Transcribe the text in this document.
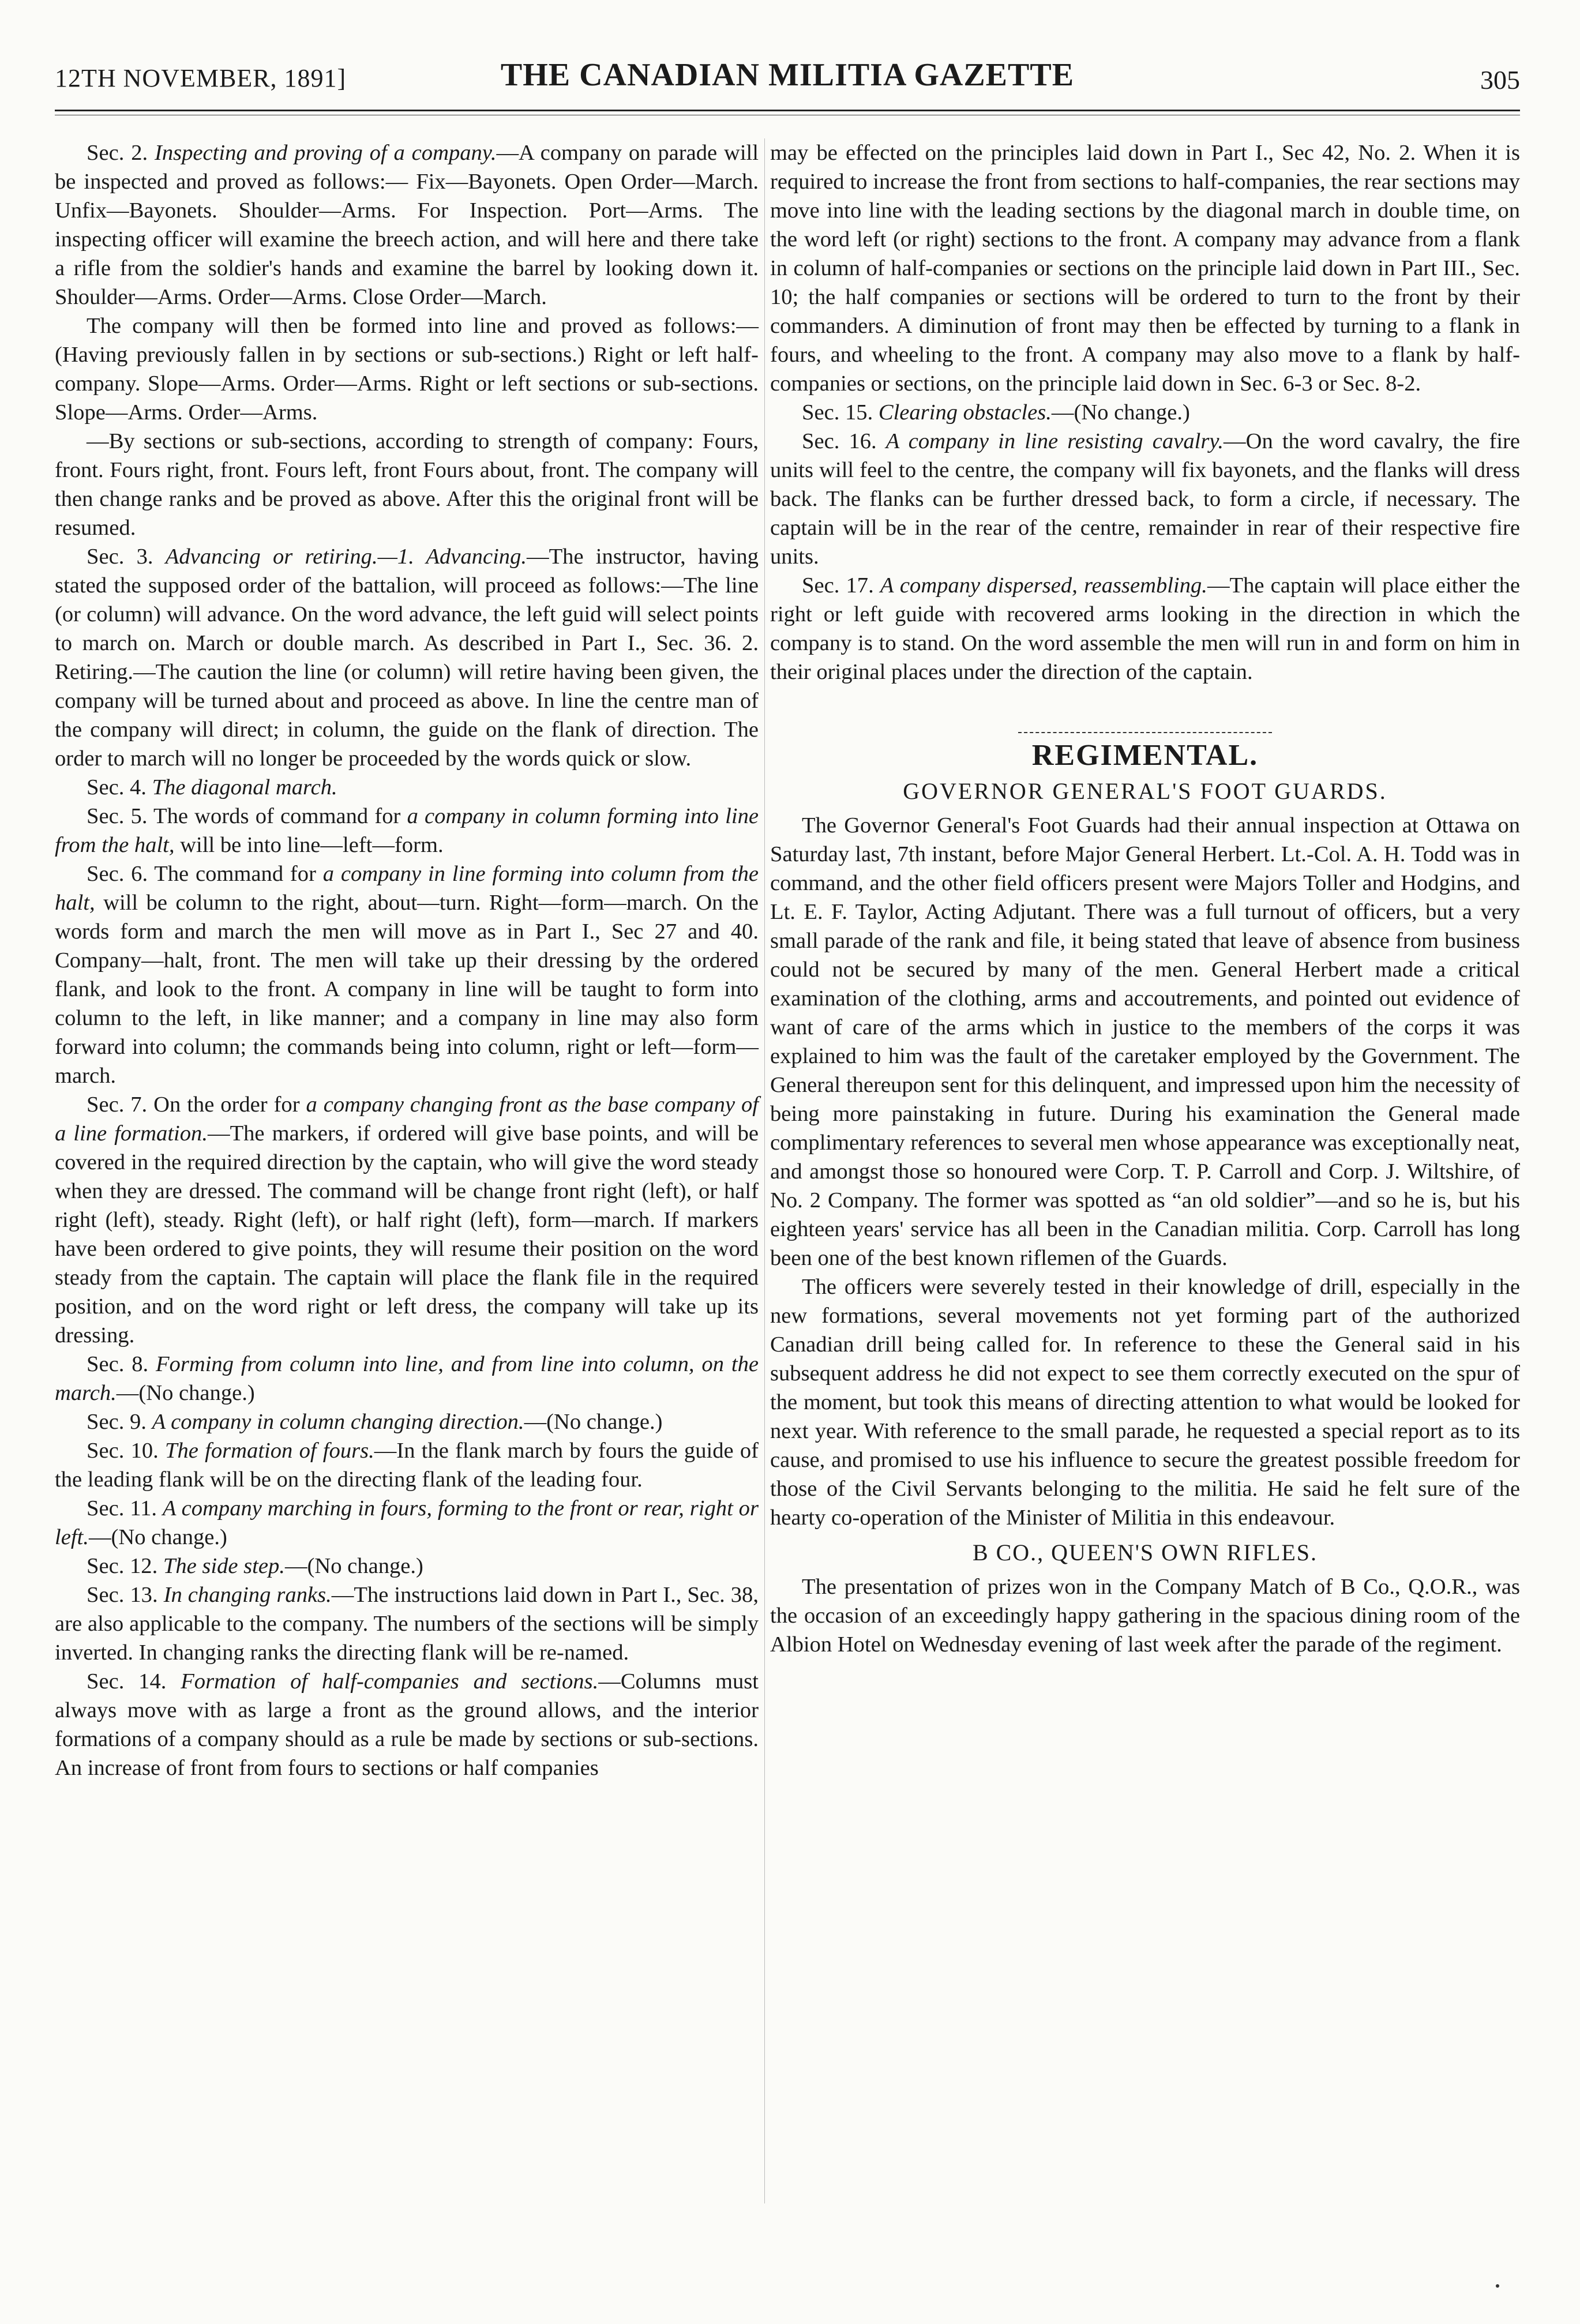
12TH NOVEMBER, 1891]	THE CANADIAN MILITIA GAZETTE	305

Sec. 2. Inspecting and proving of a company.—A company on parade will be inspected and proved as follows:— Fix—Bayonets. Open Order—March. Unfix—Bayonets. Shoulder—Arms. For Inspection. Port—Arms. The inspecting officer will examine the breech action, and will here and there take a rifle from the soldier's hands and examine the barrel by looking down it. Shoulder—Arms. Order—Arms. Close Order—March.

The company will then be formed into line and proved as follows:—(Having previously fallen in by sections or sub-sections.) Right or left half-company. Slope—Arms. Order—Arms. Right or left sections or sub-sections. Slope—Arms. Order—Arms.

—By sections or sub-sections, according to strength of company: Fours, front. Fours right, front. Fours left, front Fours about, front. The company will then change ranks and be proved as above. After this the original front will be resumed.

Sec. 3. Advancing or retiring.—1. Advancing.—The instructor, having stated the supposed order of the battalion, will proceed as follows:—The line (or column) will advance. On the word advance, the left guid will select points to march on. March or double march. As described in Part I., Sec. 36. 2. Retiring.—The caution the line (or column) will retire having been given, the company will be turned about and proceed as above. In line the centre man of the company will direct; in column, the guide on the flank of direction. The order to march will no longer be proceeded by the words quick or slow.

Sec. 4. The diagonal march.

Sec. 5. The words of command for a company in column forming into line from the halt, will be into line—left—form.

Sec. 6. The command for a company in line forming into column from the halt, will be column to the right, about—turn. Right—form—march. On the words form and march the men will move as in Part I., Sec 27 and 40. Company—halt, front. The men will take up their dressing by the ordered flank, and look to the front. A company in line will be taught to form into column to the left, in like manner; and a company in line may also form forward into column; the commands being into column, right or left—form—march.

Sec. 7. On the order for a company changing front as the base company of a line formation.—The markers, if ordered will give base points, and will be covered in the required direction by the captain, who will give the word steady when they are dressed. The command will be change front right (left), or half right (left), steady. Right (left), or half right (left), form—march. If markers have been ordered to give points, they will resume their position on the word steady from the captain. The captain will place the flank file in the required position, and on the word right or left dress, the company will take up its dressing.

Sec. 8. Forming from column into line, and from line into column, on the march.—(No change.)

Sec. 9. A company in column changing direction.—(No change.)

Sec. 10. The formation of fours.—In the flank march by fours the guide of the leading flank will be on the directing flank of the leading four.

Sec. 11. A company marching in fours, forming to the front or rear, right or left.—(No change.)

Sec. 12. The side step.—(No change.)

Sec. 13. In changing ranks.—The instructions laid down in Part I., Sec. 38, are also applicable to the company. The numbers of the sections will be simply inverted. In changing ranks the directing flank will be re-named.

Sec. 14. Formation of half-companies and sections.—Columns must always move with as large a front as the ground allows, and the interior formations of a company should as a rule be made by sections or sub-sections. An increase of front from fours to sections or half companies

may be effected on the principles laid down in Part I., Sec 42, No. 2. When it is required to increase the front from sections to half-companies, the rear sections may move into line with the leading sections by the diagonal march in double time, on the word left (or right) sections to the front. A company may advance from a flank in column of half-companies or sections on the principle laid down in Part III., Sec. 10; the half companies or sections will be ordered to turn to the front by their commanders. A diminution of front may then be effected by turning to a flank in fours, and wheeling to the front. A company may also move to a flank by half-companies or sections, on the principle laid down in Sec. 6-3 or Sec. 8-2.

Sec. 15. Clearing obstacles.—(No change.)

Sec. 16. A company in line resisting cavalry.—On the word cavalry, the fire units will feel to the centre, the company will fix bayonets, and the flanks will dress back. The flanks can be further dressed back, to form a circle, if necessary. The captain will be in the rear of the centre, remainder in rear of their respective fire units.

Sec. 17. A company dispersed, reassembling.—The captain will place either the right or left guide with recovered arms looking in the direction in which the company is to stand. On the word assemble the men will run in and form on him in their original places under the direction of the captain.

REGIMENTAL.
GOVERNOR GENERAL'S FOOT GUARDS.

The Governor General's Foot Guards had their annual inspection at Ottawa on Saturday last, 7th instant, before Major General Herbert. Lt.-Col. A. H. Todd was in command, and the other field officers present were Majors Toller and Hodgins, and Lt. E. F. Taylor, Acting Adjutant. There was a full turnout of officers, but a very small parade of the rank and file, it being stated that leave of absence from business could not be secured by many of the men. General Herbert made a critical examination of the clothing, arms and accoutrements, and pointed out evidence of want of care of the arms which in justice to the members of the corps it was explained to him was the fault of the caretaker employed by the Government. The General thereupon sent for this delinquent, and impressed upon him the necessity of being more painstaking in future. During his examination the General made complimentary references to several men whose appearance was exceptionally neat, and amongst those so honoured were Corp. T. P. Carroll and Corp. J. Wiltshire, of No. 2 Company. The former was spotted as “an old soldier”—and so he is, but his eighteen years' service has all been in the Canadian militia. Corp. Carroll has long been one of the best known riflemen of the Guards.

The officers were severely tested in their knowledge of drill, especially in the new formations, several movements not yet forming part of the authorized Canadian drill being called for. In reference to these the General said in his subsequent address he did not expect to see them correctly executed on the spur of the moment, but took this means of directing attention to what would be looked for next year. With reference to the small parade, he requested a special report as to its cause, and promised to use his influence to secure the greatest possible freedom for those of the Civil Servants belonging to the militia. He said he felt sure of the hearty co-operation of the Minister of Militia in this endeavour.

B CO., QUEEN'S OWN RIFLES.

The presentation of prizes won in the Company Match of B Co., Q.O.R., was the occasion of an exceedingly happy gathering in the spacious dining room of the Albion Hotel on Wednesday evening of last week after the parade of the regiment.
